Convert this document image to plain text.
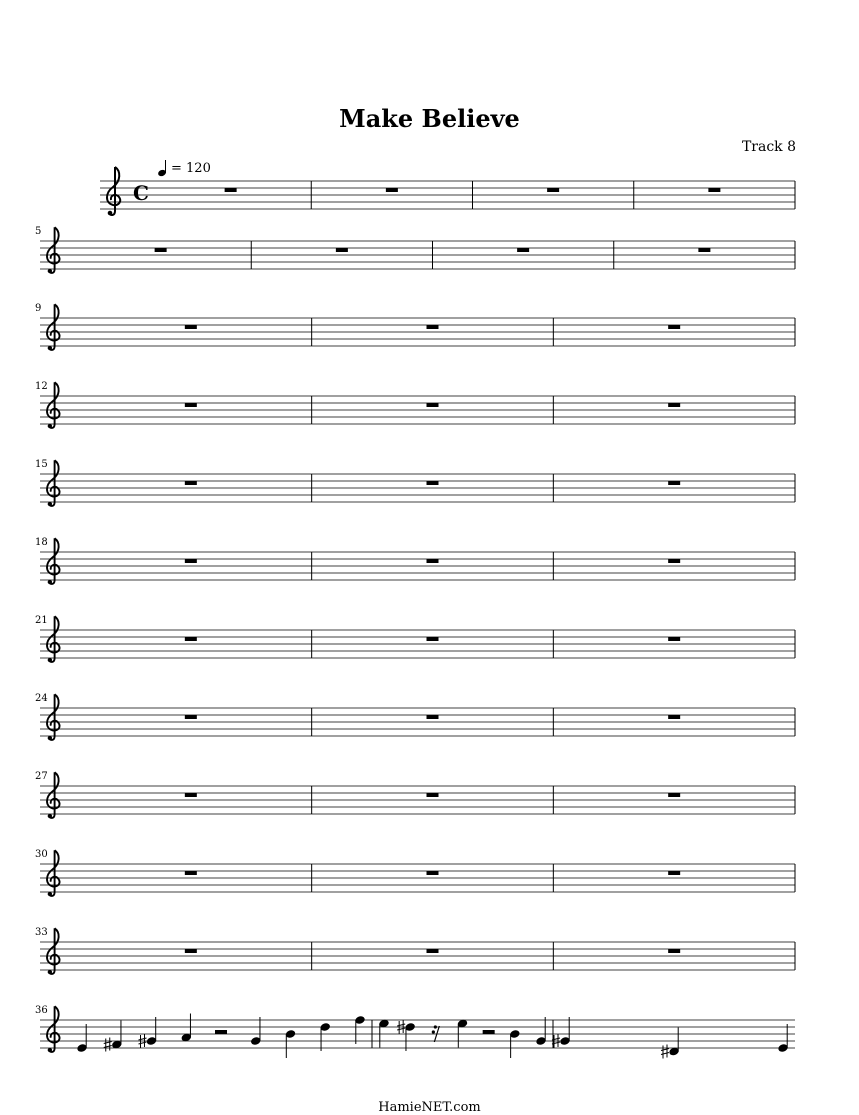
Make Believe
Track 8
= 120
C
5
9
12
15
18
21
24
27
30
33
36
HamieNET.com
